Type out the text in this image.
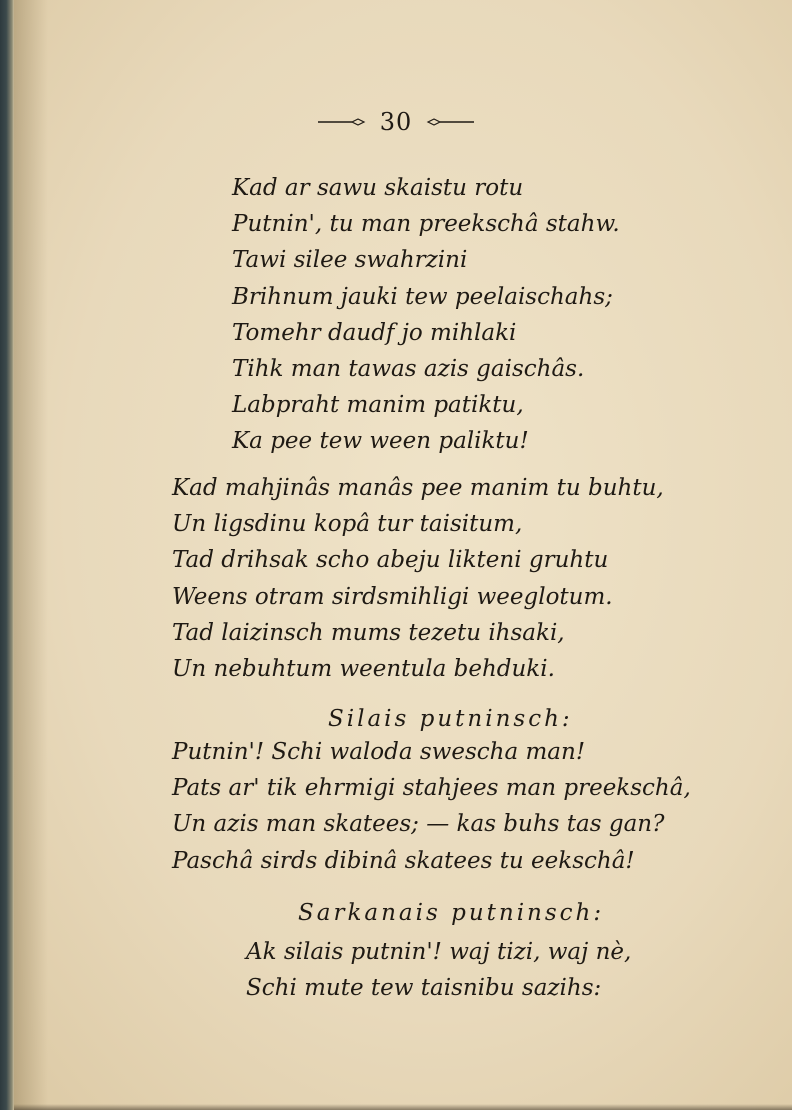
30

Kad ar sawu skaistu rotu

Putnin', tu man preekschâ stahw.

Tawi silee swahrzini

Brihnum jauki tew peelaischahs;

Tomehr daudf jo mihlaki

Tihk man tawas azis gaischâs.

Labpraht manim patiktu,

Ka pee tew ween paliktu!

Kad mahjinâs manâs pee manim tu buhtu,

Un ligsdinu kopâ tur taisitum,

Tad drihsak scho abeju likteni gruhtu

Weens otram sirdsmihligi weeglotum.

Tad laizinsch mums tezetu ihsaki,

Un nebuhtum weentula behduki.

Silais putninsch:

Putnin'! Schi waloda swescha man!

Pats ar' tik ehrmigi stahjees man preekschâ,

Un azis man skatees; — kas buhs tas gan?

Paschâ sirds dibinâ skatees tu eekschâ!

Sarkanais putninsch:

Ak silais putnin'! waj tizi, waj nè,

Schi mute tew taisnibu sazihs:
